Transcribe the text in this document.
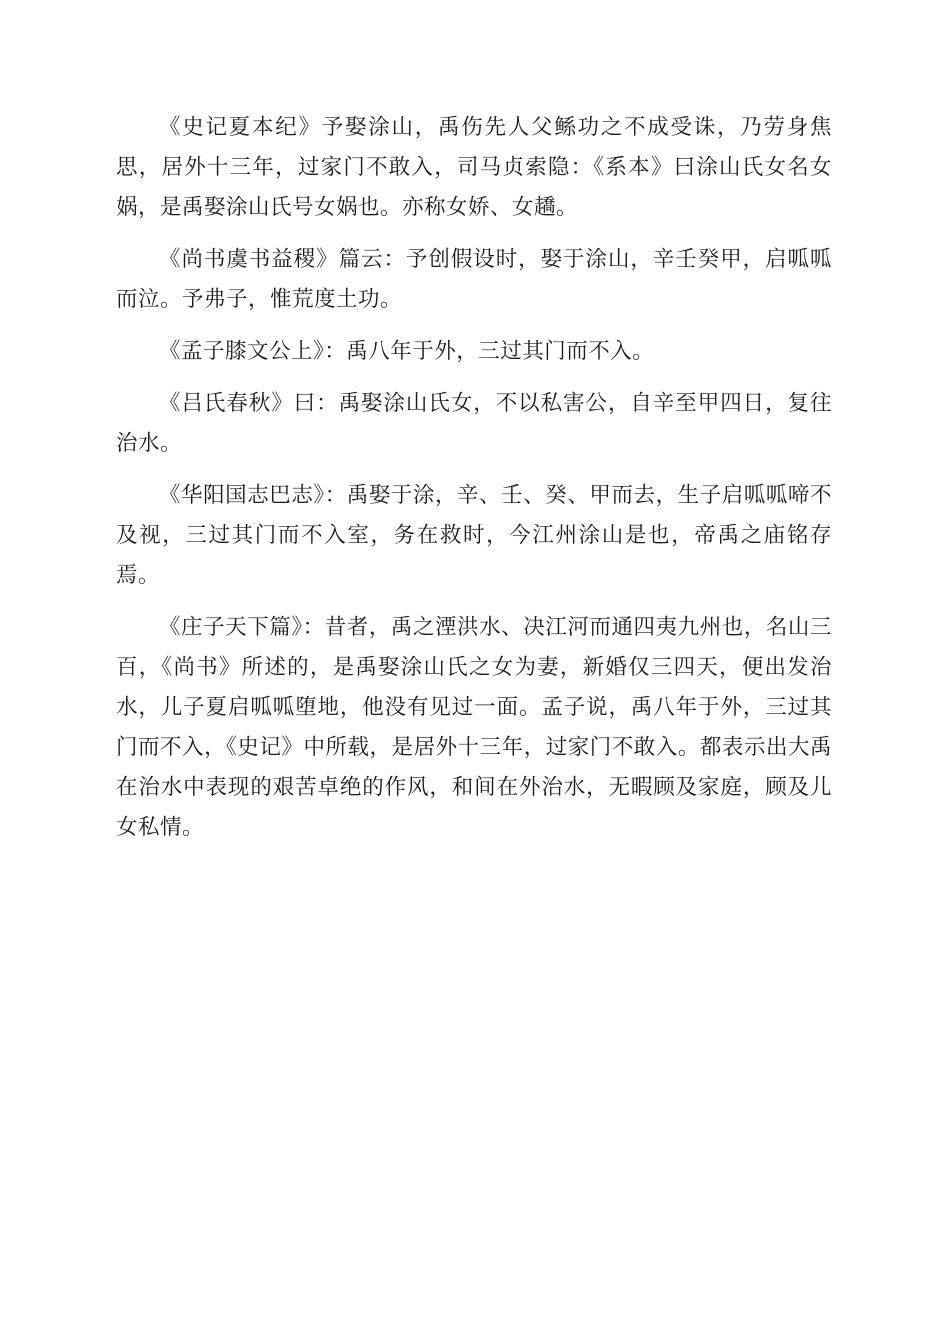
《史记夏本纪》予娶涂山，禹伤先人父鲧功之不成受诛，乃劳身焦思，居外十三年，过家门不敢入，司马贞索隐：《系本》曰涂山氏女名女娲，是禹娶涂山氏号女娲也。亦称女娇、女趫。

《尚书虞书益稷》篇云：予创假设时，娶于涂山，辛壬癸甲，启呱呱而泣。予弗子，惟荒度土功。

《孟子膝文公上》：禹八年于外，三过其门而不入。

《吕氏春秋》曰：禹娶涂山氏女，不以私害公，自辛至甲四日，复往治水。

《华阳国志巴志》：禹娶于涂，辛、壬、癸、甲而去，生子启呱呱啼不及视，三过其门而不入室，务在救时，今江州涂山是也，帝禹之庙铭存焉。

《庄子天下篇》：昔者，禹之湮洪水、决江河而通四夷九州也，名山三百，《尚书》所述的，是禹娶涂山氏之女为妻，新婚仅三四天，便出发治水，儿子夏启呱呱堕地，他没有见过一面。孟子说，禹八年于外，三过其门而不入，《史记》中所载，是居外十三年，过家门不敢入。都表示出大禹在治水中表现的艰苦卓绝的作风，和间在外治水，无暇顾及家庭，顾及儿女私情。
